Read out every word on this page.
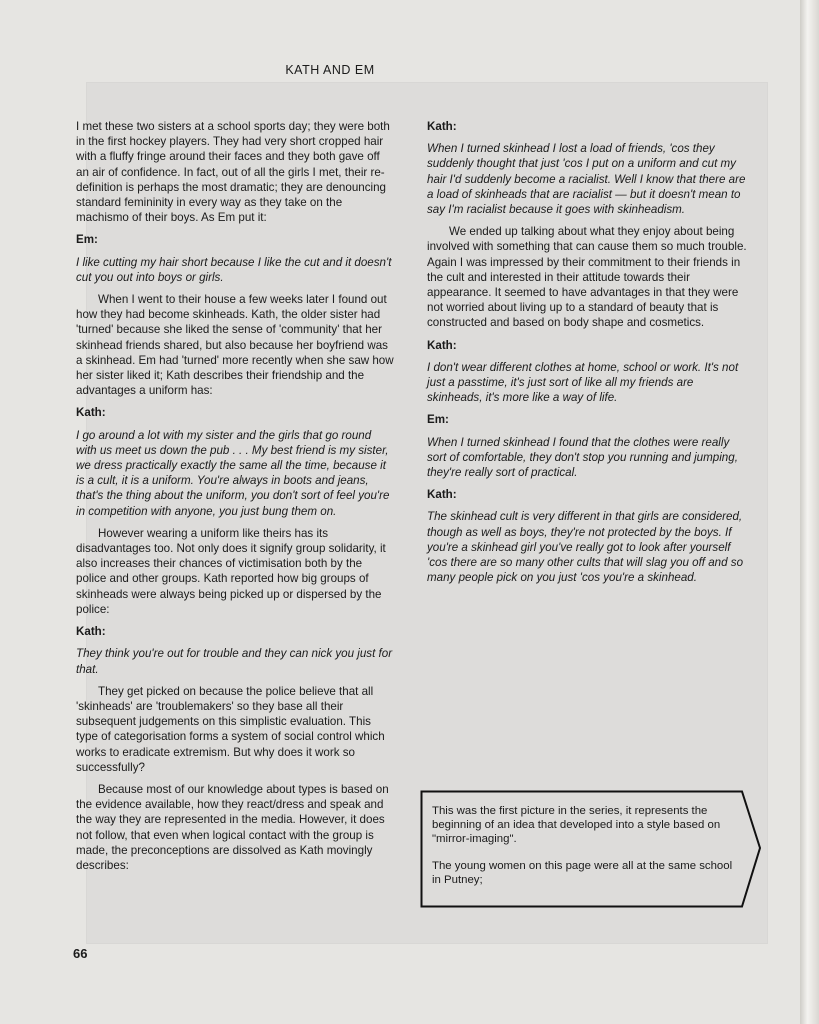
KATH AND EM

I met these two sisters at a school sports day; they were both in the first hockey players. They had very short cropped hair with a fluffy fringe around their faces and they both gave off an air of confidence. In fact, out of all the girls I met, their re-definition is perhaps the most dramatic; they are denouncing standard femininity in every way as they take on the machismo of their boys. As Em put it:

Em:

I like cutting my hair short because I like the cut and it doesn't cut you out into boys or girls.

When I went to their house a few weeks later I found out how they had become skinheads. Kath, the older sister had 'turned' because she liked the sense of 'community' that her skinhead friends shared, but also because her boyfriend was a skinhead. Em had 'turned' more recently when she saw how her sister liked it; Kath describes their friendship and the advantages a uniform has:

Kath:

I go around a lot with my sister and the girls that go round with us meet us down the pub . . . My best friend is my sister, we dress practically exactly the same all the time, because it is a cult, it is a uniform. You're always in boots and jeans, that's the thing about the uniform, you don't sort of feel you're in competition with anyone, you just bung them on.

However wearing a uniform like theirs has its disadvantages too. Not only does it signify group solidarity, it also increases their chances of victimisation both by the police and other groups. Kath reported how big groups of skinheads were always being picked up or dispersed by the police:

Kath:

They think you're out for trouble and they can nick you just for that.

They get picked on because the police believe that all 'skinheads' are 'troublemakers' so they base all their subsequent judgements on this simplistic evaluation. This type of categorisation forms a system of social control which works to eradicate extremism. But why does it work so successfully?

Because most of our knowledge about types is based on the evidence available, how they react/dress and speak and the way they are represented in the media. However, it does not follow, that even when logical contact with the group is made, the preconceptions are dissolved as Kath movingly describes:

Kath:

When I turned skinhead I lost a load of friends, 'cos they suddenly thought that just 'cos I put on a uniform and cut my hair I'd suddenly become a racialist. Well I know that there are a load of skinheads that are racialist — but it doesn't mean to say I'm racialist because it goes with skinheadism.

We ended up talking about what they enjoy about being involved with something that can cause them so much trouble. Again I was impressed by their commitment to their friends in the cult and interested in their attitude towards their appearance. It seemed to have advantages in that they were not worried about living up to a standard of beauty that is constructed and based on body shape and cosmetics.

Kath:

I don't wear different clothes at home, school or work. It's not just a passtime, it's just sort of like all my friends are skinheads, it's more like a way of life.

Em:

When I turned skinhead I found that the clothes were really sort of comfortable, they don't stop you running and jumping, they're really sort of practical.

Kath:

The skinhead cult is very different in that girls are considered, though as well as boys, they're not protected by the boys. If you're a skinhead girl you've really got to look after yourself 'cos there are so many other cults that will slag you off and so many people pick on you just 'cos you're a skinhead.

This was the first picture in the series, it represents the beginning of an idea that developed into a style based on "mirror-imaging".

The young women on this page were all at the same school in Putney;

66
